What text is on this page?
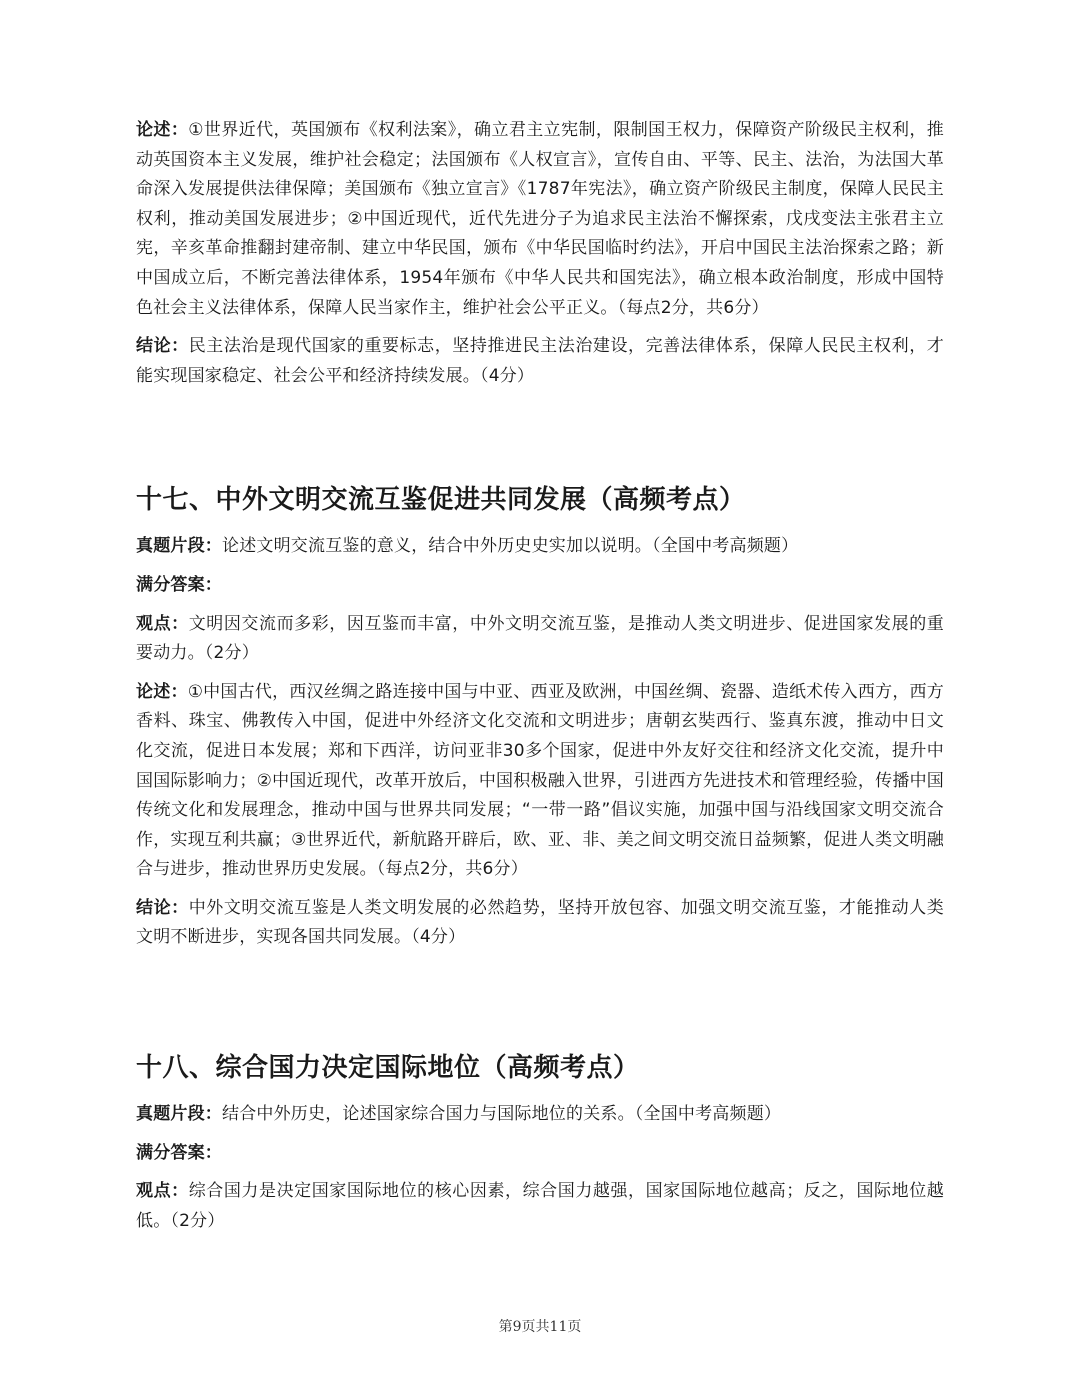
论述：①世界近代，英国颁布《权利法案》，确立君主立宪制，限制国王权力，保障资产阶级民主权利，推动英国资本主义发展，维护社会稳定；法国颁布《人权宣言》，宣传自由、平等、民主、法治，为法国大革命深入发展提供法律保障；美国颁布《独立宣言》《1787年宪法》，确立资产阶级民主制度，保障人民民主权利，推动美国发展进步；②中国近现代，近代先进分子为追求民主法治不懈探索，戊戌变法主张君主立宪，辛亥革命推翻封建帝制、建立中华民国，颁布《中华民国临时约法》，开启中国民主法治探索之路；新中国成立后，不断完善法律体系，1954年颁布《中华人民共和国宪法》，确立根本政治制度，形成中国特色社会主义法律体系，保障人民当家作主，维护社会公平正义。（每点2分，共6分）

结论：民主法治是现代国家的重要标志，坚持推进民主法治建设，完善法律体系，保障人民民主权利，才能实现国家稳定、社会公平和经济持续发展。（4分）

十七、中外文明交流互鉴促进共同发展（高频考点）

真题片段：论述文明交流互鉴的意义，结合中外历史史实加以说明。（全国中考高频题）

满分答案：

观点：文明因交流而多彩，因互鉴而丰富，中外文明交流互鉴，是推动人类文明进步、促进国家发展的重要动力。（2分）

论述：①中国古代，西汉丝绸之路连接中国与中亚、西亚及欧洲，中国丝绸、瓷器、造纸术传入西方，西方香料、珠宝、佛教传入中国，促进中外经济文化交流和文明进步；唐朝玄奘西行、鉴真东渡，推动中日文化交流，促进日本发展；郑和下西洋，访问亚非30多个国家，促进中外友好交往和经济文化交流，提升中国国际影响力；②中国近现代，改革开放后，中国积极融入世界，引进西方先进技术和管理经验，传播中国传统文化和发展理念，推动中国与世界共同发展；“一带一路”倡议实施，加强中国与沿线国家文明交流合作，实现互利共赢；③世界近代，新航路开辟后，欧、亚、非、美之间文明交流日益频繁，促进人类文明融合与进步，推动世界历史发展。（每点2分，共6分）

结论：中外文明交流互鉴是人类文明发展的必然趋势，坚持开放包容、加强文明交流互鉴，才能推动人类文明不断进步，实现各国共同发展。（4分）

十八、综合国力决定国际地位（高频考点）

真题片段：结合中外历史，论述国家综合国力与国际地位的关系。（全国中考高频题）

满分答案：

观点：综合国力是决定国家国际地位的核心因素，综合国力越强，国家国际地位越高；反之，国际地位越低。（2分）

第9页共11页
